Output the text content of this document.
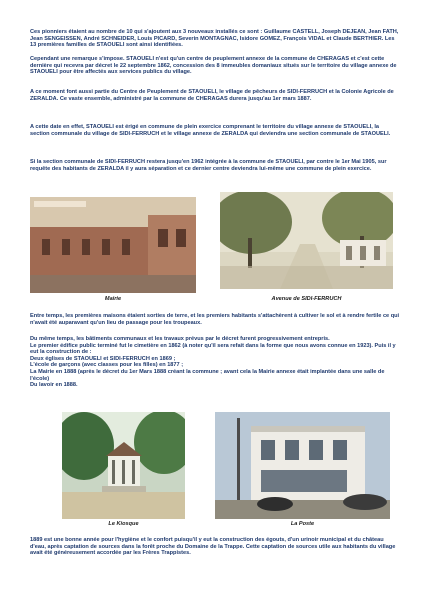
Ces pionniers étaient au nombre de 10 qui s'ajoutent aux 3 nouveaux installés ce sont : Guillaume CASTELL, Joseph DEJEAN, Jean FATH, Jean SENGEISSEN, André SCHNEIDER, Louis PICARD, Severin MONTAGNAC, Isidore GOMEZ, François VIDAL et Claude BERTHIER. Les 13 premières familles de STAOUELI sont ainsi identifiées.

Cependant une remarque s'impose. STAOUELI n'est qu'un centre de peuplement annexe de la commune de CHERAGAS et c'est cette dernière qui recevra par décret le 22 septembre 1862, concession des 8 immeubles domaniaux situés sur le territoire du village annexe de STAOUELI pour être affectés aux services publics du village.

A ce moment font aussi partie du Centre de Peuplement de STAOUELI, le village de pêcheurs de SIDI-FERRUCH et la Colonie Agricole de ZERALDA. Ce vaste ensemble, administré par la commune de CHERAGAS durera jusqu'au 1er mars 1887.

A cette date en effet, STAOUELI est érigé en commune de plein exercice comprenant le territoire du village annexe de STAOUELI, la section communale du village de SIDI-FERRUCH et le village annexe de ZERALDA qui deviendra une section communale de STAOUELI.

Si la section communale de SIDI-FERRUCH restera jusqu'en 1962 intégrée à la commune de STAOUELI, par contre le 1er Mai 1905, sur requête des habitants de ZERALDA il y aura séparation et ce dernier centre deviendra lui-même une commune de plein exercice.

Mairie	Avenue de SIDI-FERRUCH

Entre temps, les premières maisons étaient sorties de terre, et les premiers habitants s'attachèrent à cultiver le sol et à rendre fertile ce qui n'avait été auparavant qu'un lieu de passage pour les troupeaux.

Du même temps, les bâtiments communaux et les travaux prévus par le décret furent progressivement entrepris.
Le premier édifice public terminé fut le cimetière en 1862 (à noter qu'il sera refait dans la forme que nous avons connue en 1923). Puis il y eut la construction de :
Deux églises de STAOUELI et SIDI-FERRUCH en 1869 ;
L'école de garçons (avec classes pour les filles) en 1877 ;
La Mairie en 1888 (après le décret du 1er Mars 1888 créant la commune ; avant cela la Mairie annexe était implantée dans une salle de l'école)
Du lavoir en 1888.

Le Kiosque	La Poste

1889 est une bonne année pour l'hygiène et le confort puisqu'il y eut la construction des égouts, d'un urinoir municipal et du château d'eau, après captation de sources dans la forêt proche du Domaine de la Trappe. Cette captation de sources utile aux habitants du village avait été généreusement accordée par les Frères Trappistes.
